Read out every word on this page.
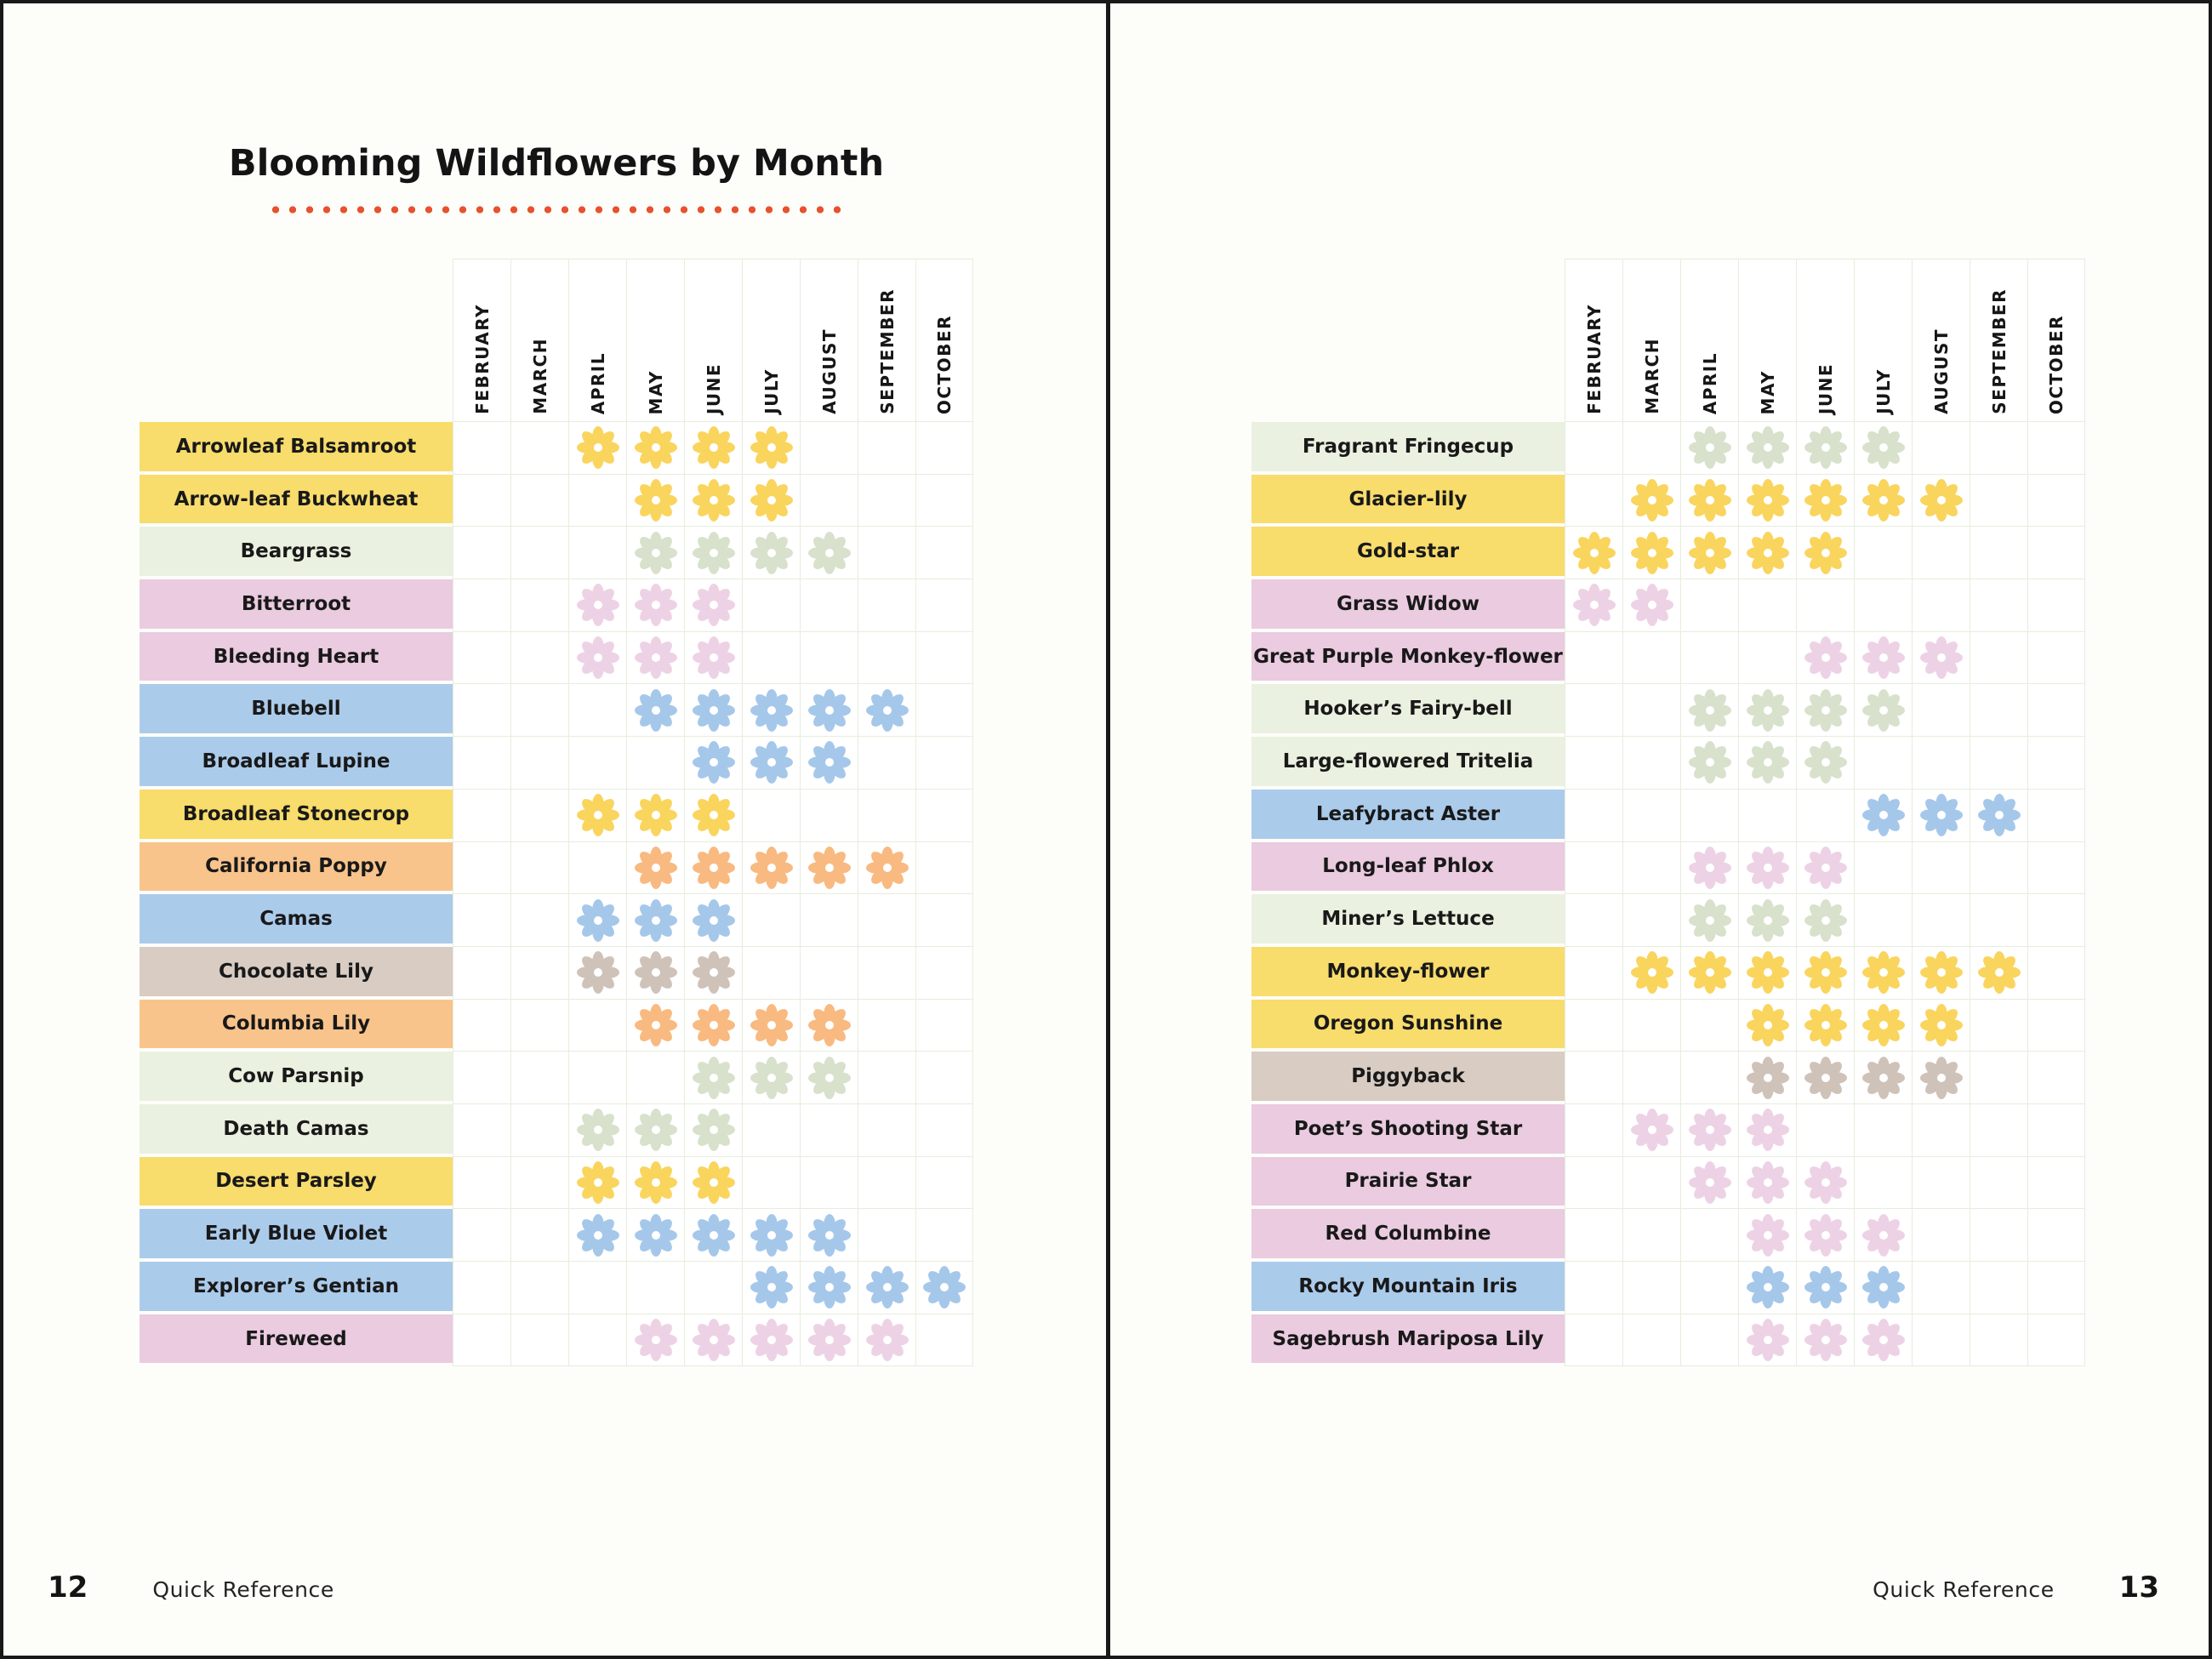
Blooming Wildflowers by Month
FEBRUARY MARCH APRIL MAY JUNE JULY AUGUST SEPTEMBER OCTOBER
Arrowleaf Balsamroot
Arrow-leaf Buckwheat
Beargrass
Bitterroot
Bleeding Heart
Bluebell
Broadleaf Lupine
Broadleaf Stonecrop
California Poppy
Camas
Chocolate Lily
Columbia Lily
Cow Parsnip
Death Camas
Desert Parsley
Early Blue Violet
Explorer’s Gentian
Fireweed
12	Quick Reference
FEBRUARY MARCH APRIL MAY JUNE JULY AUGUST SEPTEMBER OCTOBER
Fragrant Fringecup
Glacier-lily
Gold-star
Grass Widow
Great Purple Monkey-flower
Hooker’s Fairy-bell
Large-flowered Tritelia
Leafybract Aster
Long-leaf Phlox
Miner’s Lettuce
Monkey-flower
Oregon Sunshine
Piggyback
Poet’s Shooting Star
Prairie Star
Red Columbine
Rocky Mountain Iris
Sagebrush Mariposa Lily
Quick Reference 13
